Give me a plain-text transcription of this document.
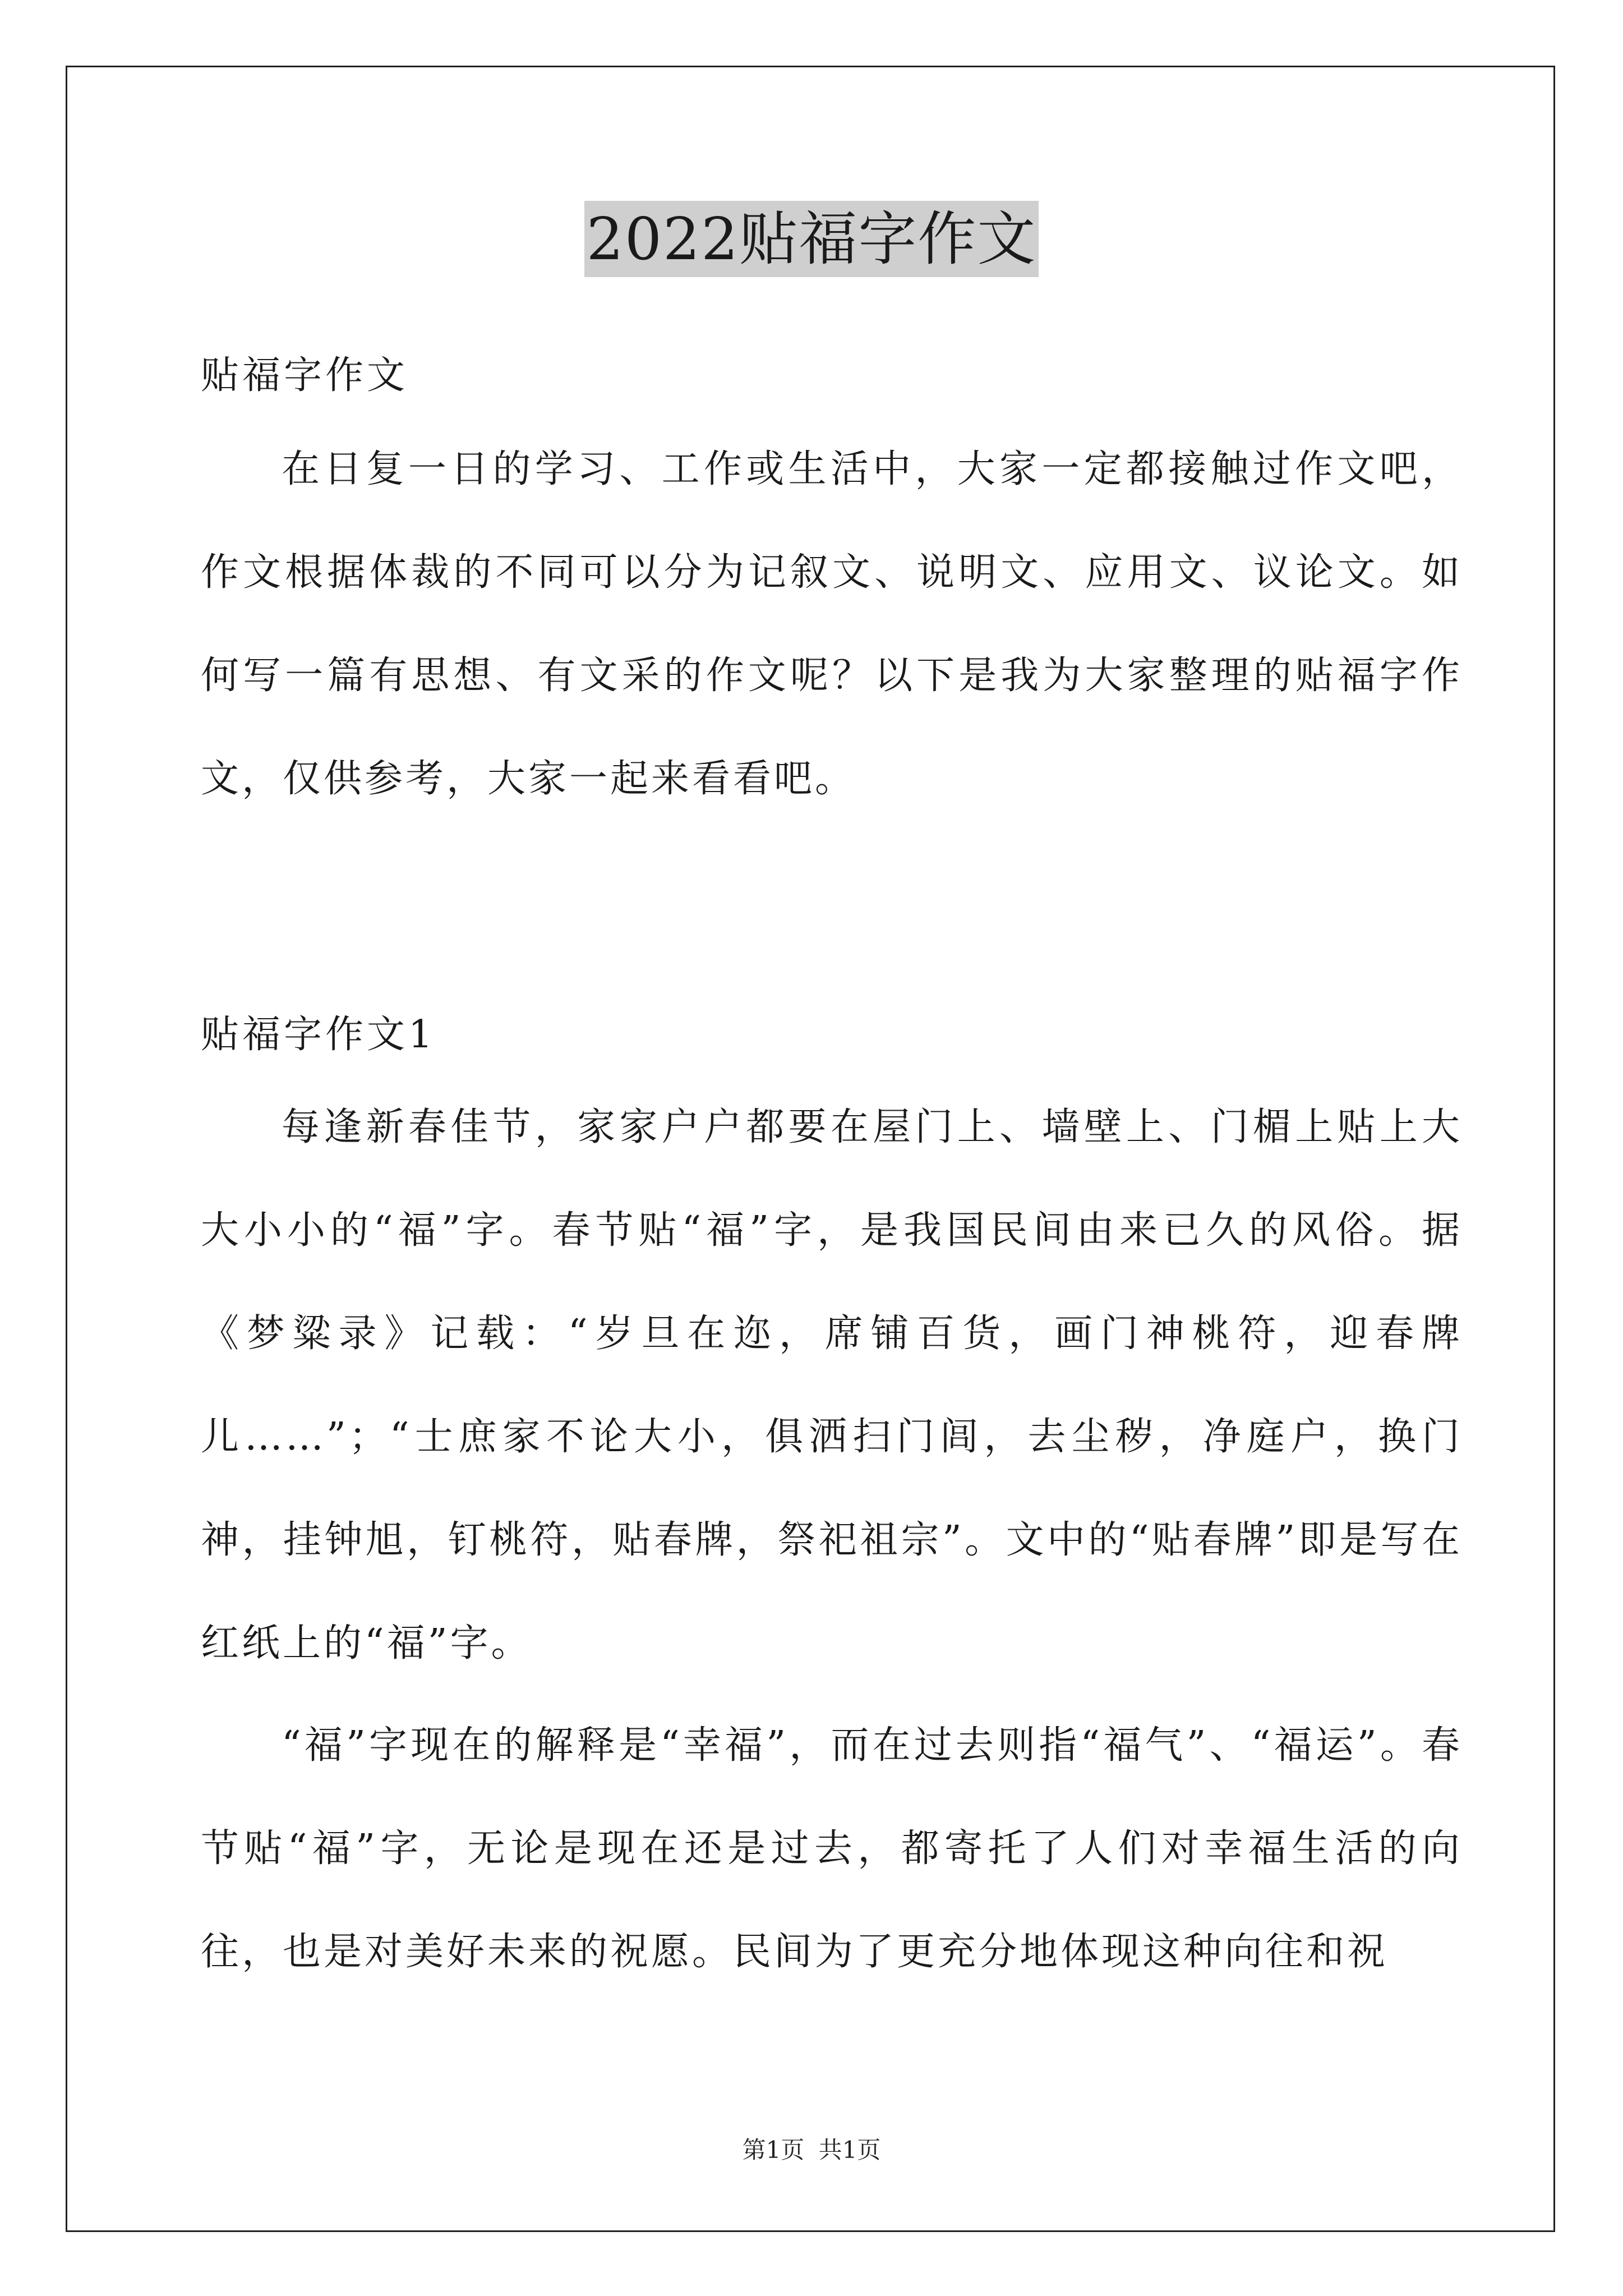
2022贴福字作文
贴福字作文
在日复一日的学习、工作或生活中，大家一定都接触过作文吧，作文根据体裁的不同可以分为记叙文、说明文、应用文、议论文。如何写一篇有思想、有文采的作文呢？以下是我为大家整理的贴福字作文，仅供参考，大家一起来看看吧。
贴福字作文1
每逢新春佳节，家家户户都要在屋门上、墙壁上、门楣上贴上大大小小的“福”字。春节贴“福”字，是我国民间由来已久的风俗。据《梦粱录》记载：“岁旦在迩，席铺百货，画门神桃符，迎春牌儿……”；“士庶家不论大小，俱洒扫门闾，去尘秽，净庭户，换门神，挂钟旭，钉桃符，贴春牌，祭祀祖宗”。文中的“贴春牌”即是写在红纸上的“福”字。
“福”字现在的解释是“幸福”，而在过去则指“福气”、“福运”。春节贴“福”字，无论是现在还是过去，都寄托了人们对幸福生活的向往，也是对美好未来的祝愿。民间为了更充分地体现这种向往和祝
第1页 共1页
